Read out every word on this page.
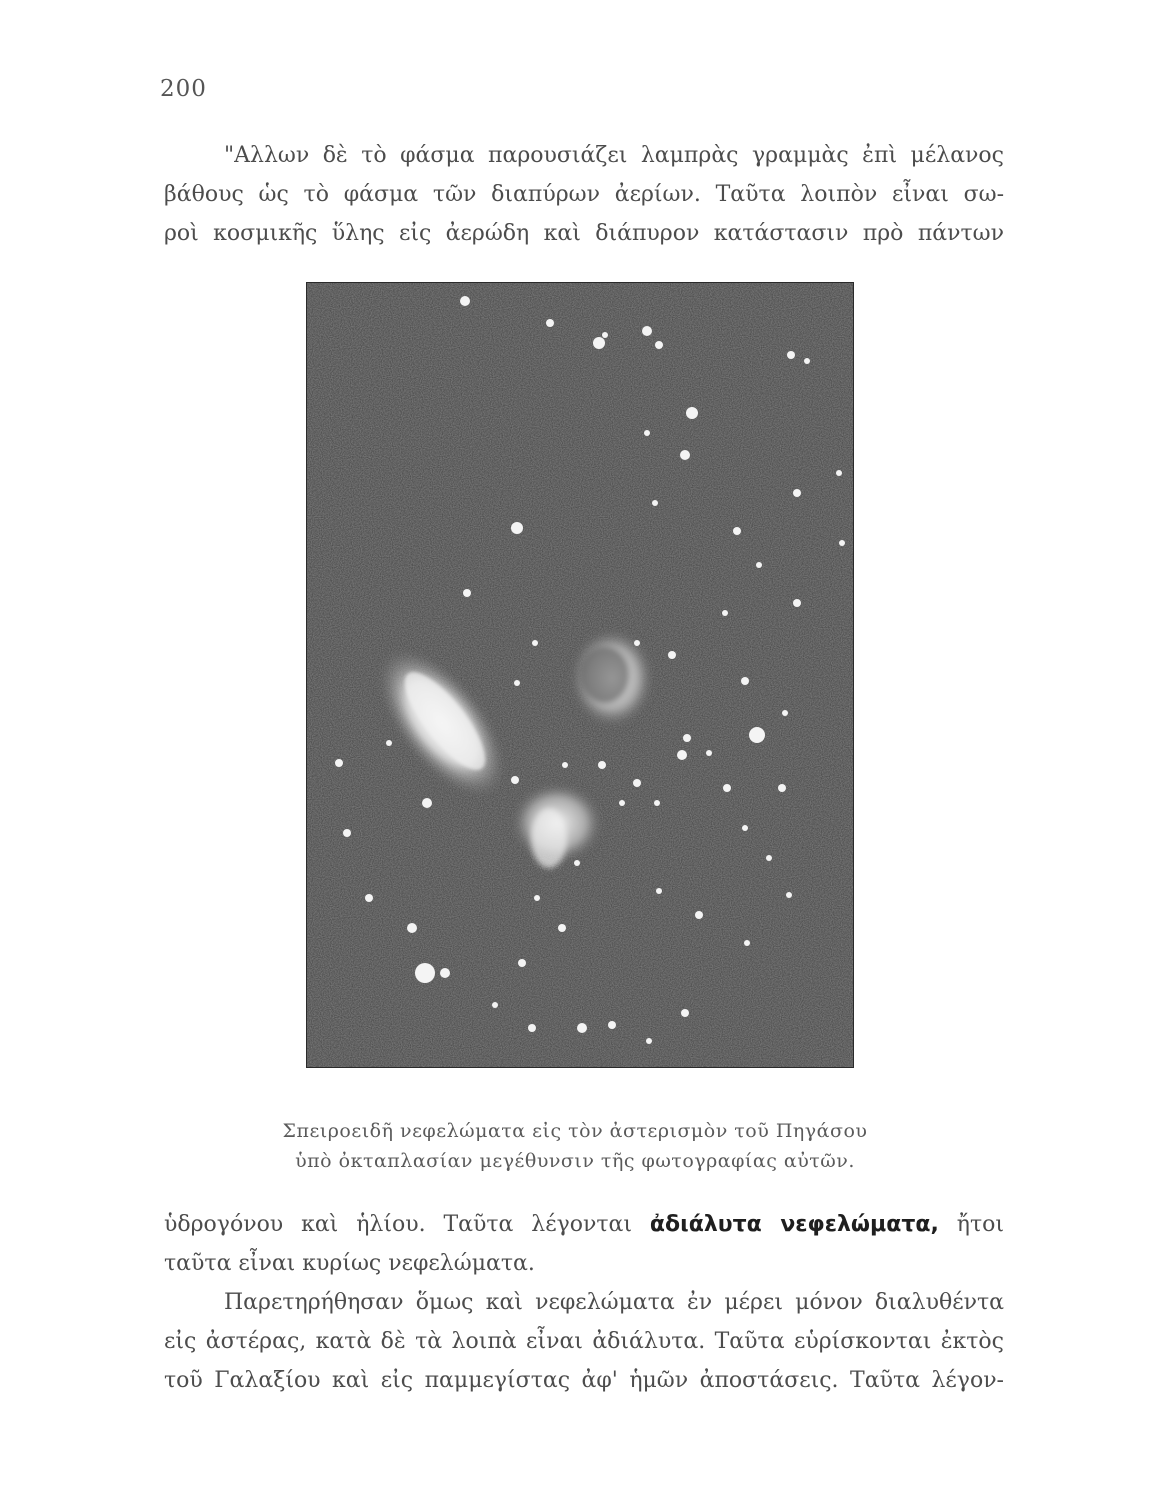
200
"Αλλων δὲ τὸ φάσμα παρουσιάζει λαμπρὰς γραμμὰς ἐπὶ μέλανος
βάθους ὡς τὸ φάσμα τῶν διαπύρων ἀερίων. Ταῦτα λοιπὸν εἶναι σω-
ροὶ κοσμικῆς ὕλης εἰς ἀερώδη καὶ διάπυρον κατάστασιν πρὸ πάντων
Σπειροειδῆ νεφελώματα εἰς τὸν ἀστερισμὸν τοῦ Πηγάσου
ὑπὸ ὀκταπλασίαν μεγέθυνσιν τῆς φωτογραφίας αὐτῶν.
ὑδρογόνου καὶ ἡλίου. Ταῦτα λέγονται ἀδιάλυτα νεφελώματα, ἤτοι
ταῦτα εἶναι κυρίως νεφελώματα.
Παρετηρήθησαν ὅμως καὶ νεφελώματα ἐν μέρει μόνον διαλυθέντα
εἰς ἀστέρας, κατὰ δὲ τὰ λοιπὰ εἶναι ἀδιάλυτα. Ταῦτα εὑρίσκονται ἐκτὸς
τοῦ Γαλαξίου καὶ εἰς παμμεγίστας ἀφ' ἡμῶν ἀποστάσεις. Ταῦτα λέγον-
